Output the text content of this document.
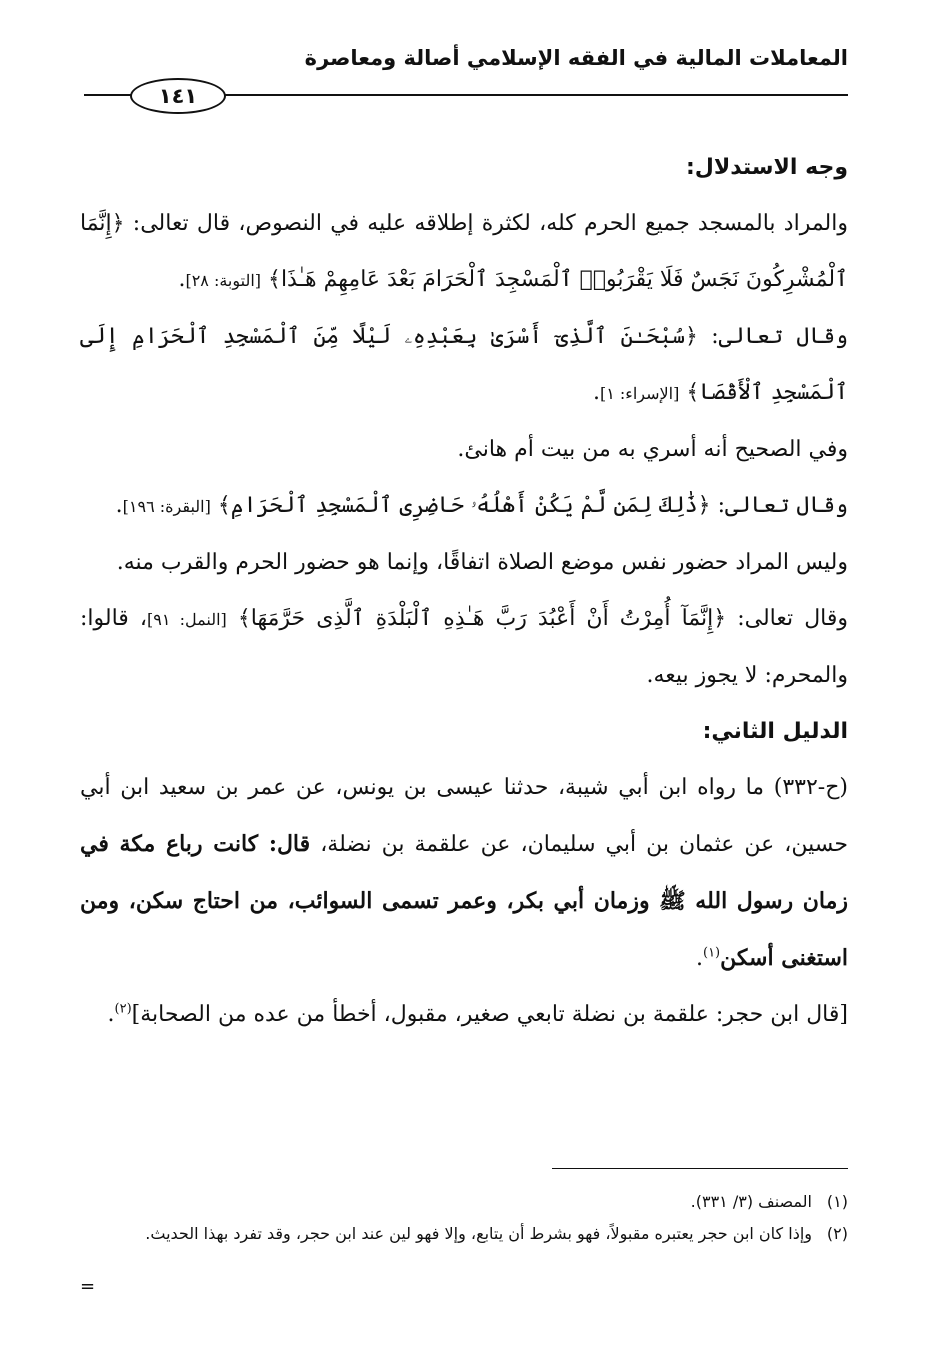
المعاملات المالية في الفقه الإسلامي أصالة ومعاصرة
١٤١

وجه الاستدلال:

والمراد بالمسجد جميع الحرم كله، لكثرة إطلاقه عليه في النصوص، قال تعالى: ﴿إِنَّمَا ٱلْمُشْرِكُونَ نَجَسٌ فَلَا يَقْرَبُوا۟ ٱلْمَسْجِدَ ٱلْحَرَامَ بَعْدَ عَامِهِمْ هَـٰذَا﴾ [التوبة: ٢٨].

وقال تعالى: ﴿سُبْحَـٰنَ ٱلَّذِىٓ أَسْرَىٰ بِعَبْدِهِۦ لَيْلًا مِّنَ ٱلْمَسْجِدِ ٱلْحَرَامِ إِلَى ٱلْمَسْجِدِ ٱلْأَقْصَا﴾ [الإسراء: ١].

وفي الصحيح أنه أسري به من بيت أم هانئ.

وقال تعالى: ﴿ذَٰلِكَ لِمَن لَّمْ يَكُنْ أَهْلُهُۥ حَاضِرِى ٱلْمَسْجِدِ ٱلْحَرَامِ﴾ [البقرة: ١٩٦].

وليس المراد حضور نفس موضع الصلاة اتفاقًا، وإنما هو حضور الحرم والقرب منه.

وقال تعالى: ﴿إِنَّمَآ أُمِرْتُ أَنْ أَعْبُدَ رَبَّ هَـٰذِهِ ٱلْبَلْدَةِ ٱلَّذِى حَرَّمَهَا﴾ [النمل: ٩١]، قالوا: والمحرم: لا يجوز بيعه.

الدليل الثاني:

(ح-٣٣٢) ما رواه ابن أبي شيبة، حدثنا عيسى بن يونس، عن عمر بن سعيد ابن أبي حسين، عن عثمان بن أبي سليمان، عن علقمة بن نضلة، قال: كانت رباع مكة في زمان رسول الله ﷺ وزمان أبي بكر، وعمر تسمى السوائب، من احتاج سكن، ومن استغنى أسكن$^{(١)}$.

[قال ابن حجر: علقمة بن نضلة تابعي صغير، مقبول، أخطأ من عده من الصحابة]$^{(٢)}$.

(١)المصنف (٣/ ٣٣١).

(٢)وإذا كان ابن حجر يعتبره مقبولاً، فهو بشرط أن يتابع، وإلا فهو لين عند ابن حجر، وقد تفرد بهذا الحديث.

=
